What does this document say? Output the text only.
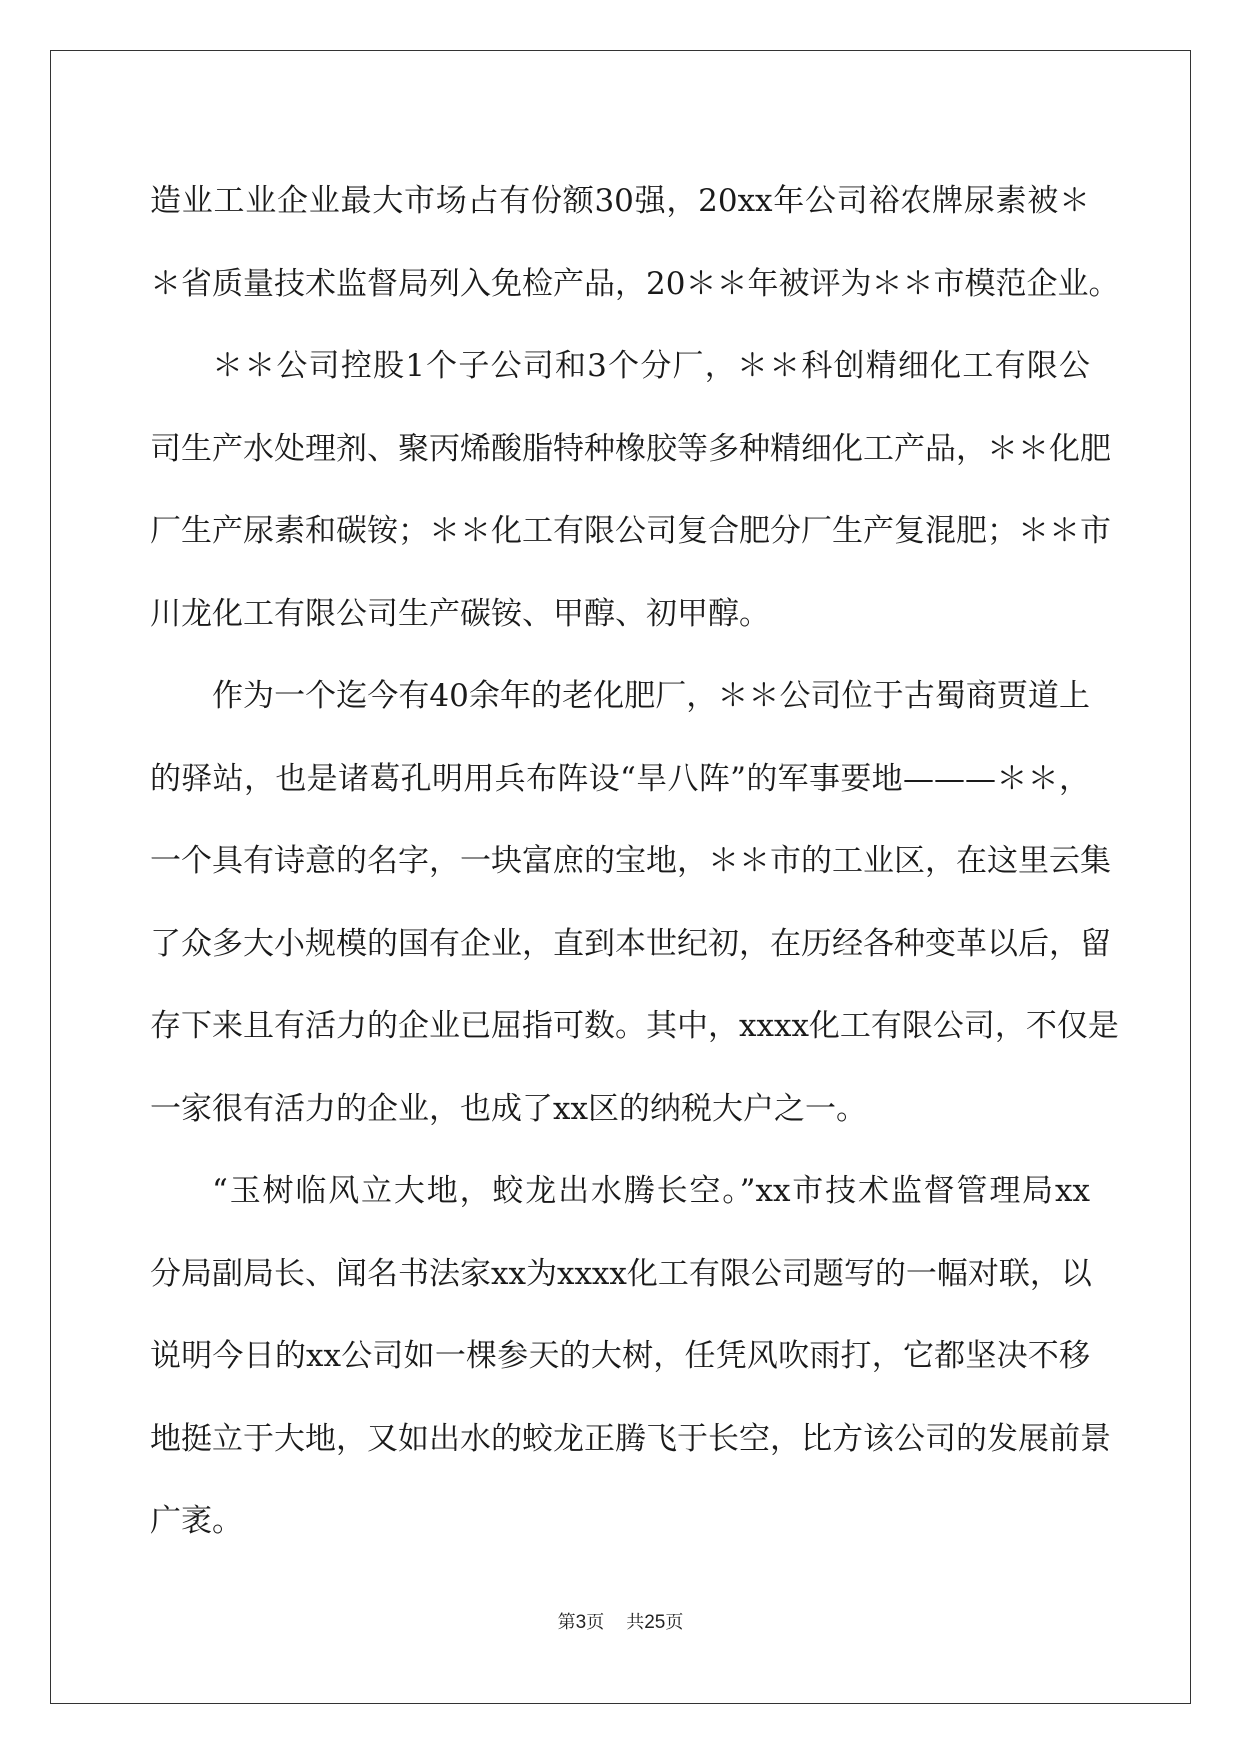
造业工业企业最大市场占有份额30强，20xx年公司裕农牌尿素被＊
＊省质量技术监督局列入免检产品，20＊＊年被评为＊＊市模范企业。
＊＊公司控股1个子公司和3个分厂，＊＊科创精细化工有限公
司生产水处理剂、聚丙烯酸脂特种橡胶等多种精细化工产品，＊＊化肥
厂生产尿素和碳铵；＊＊化工有限公司复合肥分厂生产复混肥；＊＊市
川龙化工有限公司生产碳铵、甲醇、初甲醇。
作为一个迄今有40余年的老化肥厂，＊＊公司位于古蜀商贾道上
的驿站，也是诸葛孔明用兵布阵设“旱八阵”的军事要地———＊＊，
一个具有诗意的名字，一块富庶的宝地，＊＊市的工业区，在这里云集
了众多大小规模的国有企业，直到本世纪初，在历经各种变革以后，留
存下来且有活力的企业已屈指可数。其中，xxxx化工有限公司，不仅是
一家很有活力的企业，也成了xx区的纳税大户之一。
“玉树临风立大地，蛟龙出水腾长空。”xx市技术监督管理局xx
分局副局长、闻名书法家xx为xxxx化工有限公司题写的一幅对联，以
说明今日的xx公司如一棵参天的大树，任凭风吹雨打，它都坚决不移
地挺立于大地，又如出水的蛟龙正腾飞于长空，比方该公司的发展前景
广袤。
第3页 共25页
